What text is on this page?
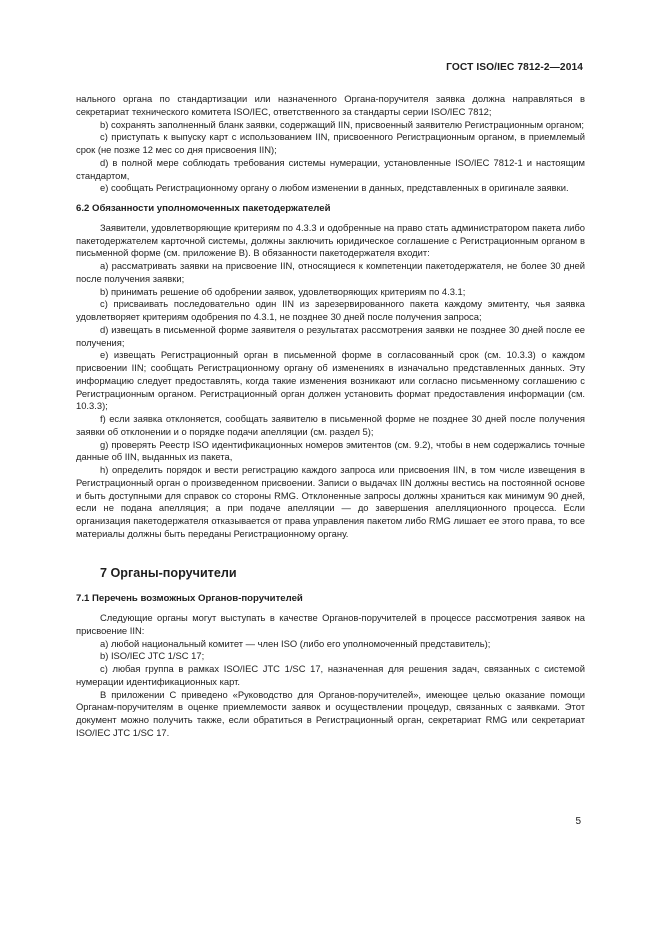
ГОСТ ISO/IEC 7812-2—2014

нального органа по стандартизации или назначенного Органа-поручителя заявка должна направляться в секретариат технического комитета ISO/IEC, ответственного за стандарты серии ISO/IEC 7812;

b) сохранять заполненный бланк заявки, содержащий IIN, присвоенный заявителю Регистрационным органом;

c) приступать к выпуску карт с использованием IIN, присвоенного Регистрационным органом, в приемлемый срок (не позже 12 мес со дня присвоения IIN);

d) в полной мере соблюдать требования системы нумерации, установленные ISO/IEC 7812-1 и настоящим стандартом,

e) сообщать Регистрационному органу о любом изменении в данных, представленных в оригинале заявки.

6.2 Обязанности уполномоченных пакетодержателей

Заявители, удовлетворяющие критериям по 4.3.3 и одобренные на право стать администратором пакета либо пакетодержателем карточной системы, должны заключить юридическое соглашение с Регистрационным органом в письменной форме (см. приложение В). В обязанности пакетодержателя входит:

a) рассматривать заявки на присвоение IIN, относящиеся к компетенции пакетодержателя, не более 30 дней после получения заявки;

b) принимать решение об одобрении заявок, удовлетворяющих критериям по 4.3.1;

c) присваивать последовательно один IIN из зарезервированного пакета каждому эмитенту, чья заявка удовлетворяет критериям одобрения по 4.3.1, не позднее 30 дней после получения запроса;

d) извещать в письменной форме заявителя о результатах рассмотрения заявки не позднее 30 дней после ее получения;

e) извещать Регистрационный орган в письменной форме в согласованный срок (см. 10.3.3) о каждом присвоении IIN; сообщать Регистрационному органу об изменениях в изначально представленных данных. Эту информацию следует предоставлять, когда такие изменения возникают или согласно письменному соглашению с Регистрационным органом. Регистрационный орган должен установить формат предоставления информации (см. 10.3.3);

f) если заявка отклоняется, сообщать заявителю в письменной форме не позднее 30 дней после получения заявки об отклонении и о порядке подачи апелляции (см. раздел 5);

g) проверять Реестр ISO идентификационных номеров эмитентов (см. 9.2), чтобы в нем содержались точные данные об IIN, выданных из пакета,

h) определить порядок и вести регистрацию каждого запроса или присвоения IIN, в том числе извещения в Регистрационный орган о произведенном присвоении. Записи о выдачах IIN должны вестись на постоянной основе и быть доступными для справок со стороны RMG. Отклоненные запросы должны храниться как минимум 90 дней, если не подана апелляция; а при подаче апелляции — до завершения апелляционного процесса. Если организация пакетодержателя отказывается от права управления пакетом либо RMG лишает ее этого права, то все материалы должны быть переданы Регистрационному органу.

7 Органы-поручители

7.1 Перечень возможных Органов-поручителей

Следующие органы могут выступать в качестве Органов-поручителей в процессе рассмотрения заявок на присвоение IIN:

a) любой национальный комитет — член ISO (либо его уполномоченный представитель);

b) ISO/IEC JTC 1/SC 17;

c) любая группа в рамках ISO/IEC JTC 1/SC 17, назначенная для решения задач, связанных с системой нумерации идентификационных карт.

В приложении С приведено «Руководство для Органов-поручителей», имеющее целью оказание помощи Органам-поручителям в оценке приемлемости заявок и осуществлении процедур, связанных с заявками. Этот документ можно получить также, если обратиться в Регистрационный орган, секретариат RMG или секретариат ISO/IEC JTC 1/SC 17.

5
